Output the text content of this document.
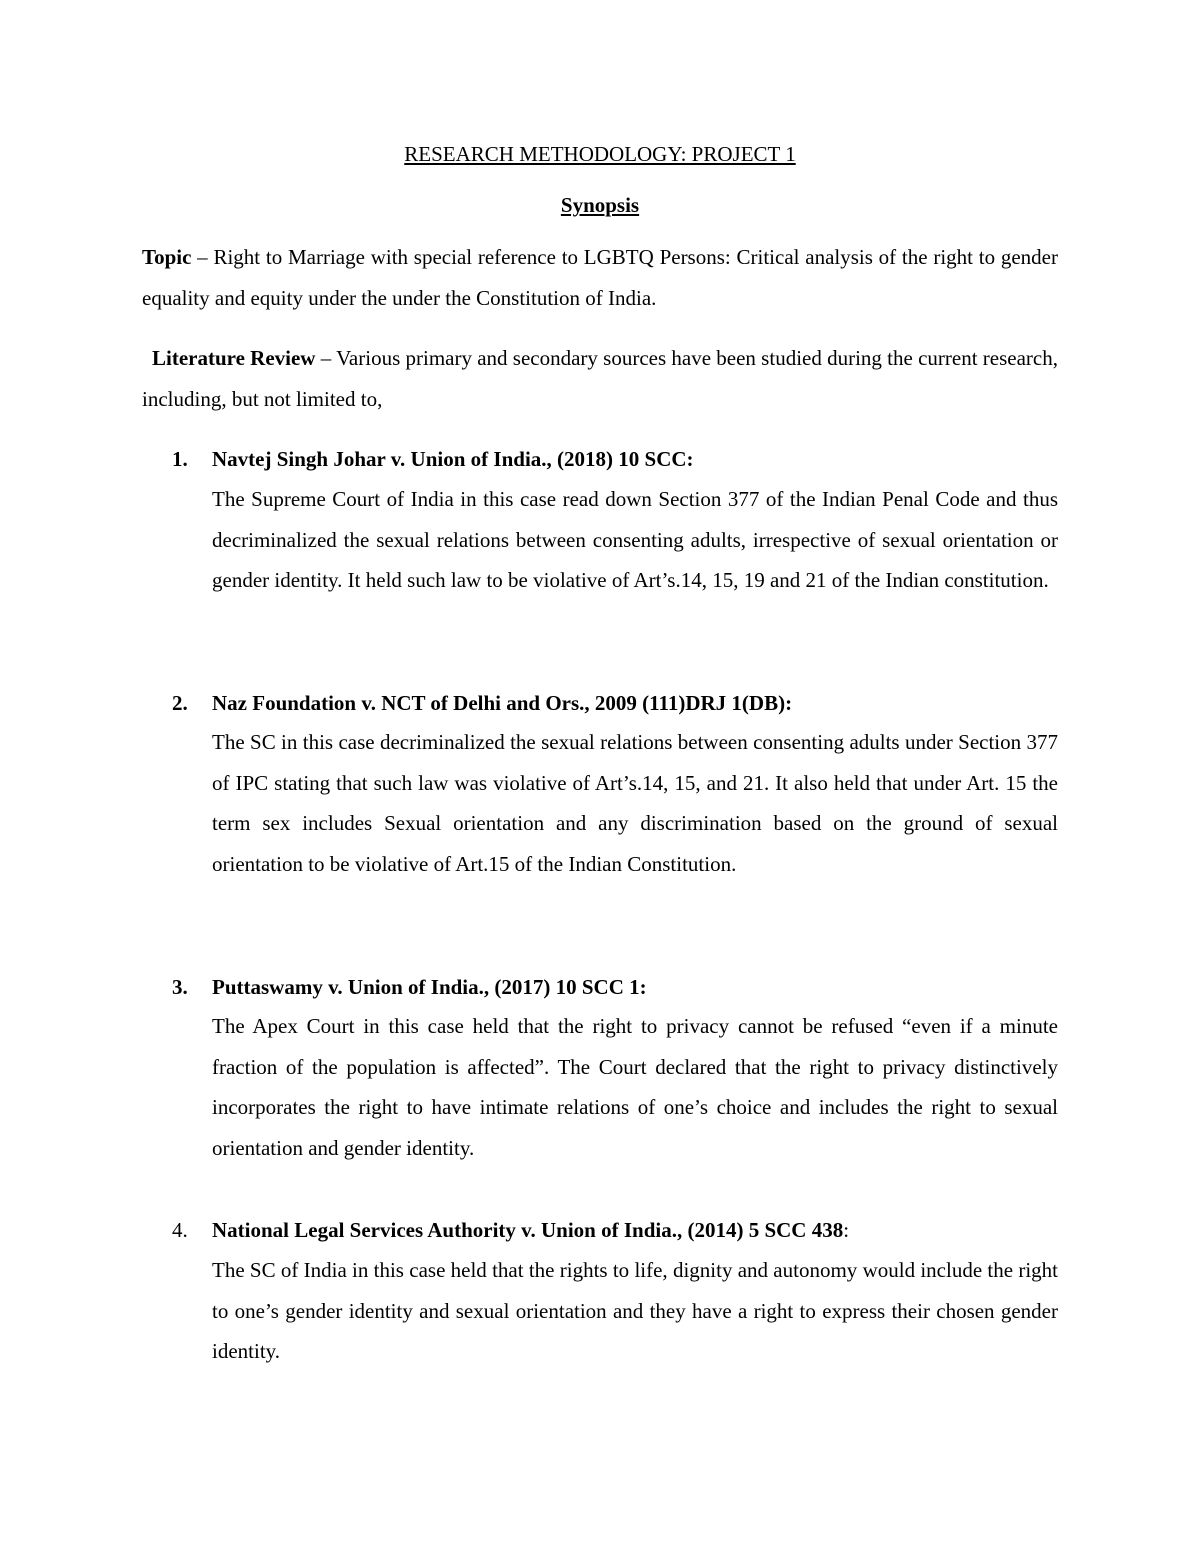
RESEARCH METHODOLOGY: PROJECT 1
Synopsis
Topic – Right to Marriage with special reference to LGBTQ Persons: Critical analysis of the right to gender equality and equity under the under the Constitution of India.
Literature Review – Various primary and secondary sources have been studied during the current research, including, but not limited to,
1. Navtej Singh Johar v. Union of India., (2018) 10 SCC:
The Supreme Court of India in this case read down Section 377 of the Indian Penal Code and thus decriminalized the sexual relations between consenting adults, irrespective of sexual orientation or gender identity. It held such law to be violative of Art’s.14, 15, 19 and 21 of the Indian constitution.
2. Naz Foundation v. NCT of Delhi and Ors., 2009 (111)DRJ 1(DB):
The SC in this case decriminalized the sexual relations between consenting adults under Section 377 of IPC stating that such law was violative of Art’s.14, 15, and 21. It also held that under Art. 15 the term sex includes Sexual orientation and any discrimination based on the ground of sexual orientation to be violative of Art.15 of the Indian Constitution.
3. Puttaswamy v. Union of India., (2017) 10 SCC 1:
The Apex Court in this case held that the right to privacy cannot be refused “even if a minute fraction of the population is affected”. The Court declared that the right to privacy distinctively incorporates the right to have intimate relations of one’s choice and includes the right to sexual orientation and gender identity.
4. National Legal Services Authority v. Union of India., (2014) 5 SCC 438:
The SC of India in this case held that the rights to life, dignity and autonomy would include the right to one’s gender identity and sexual orientation and they have a right to express their chosen gender identity.
